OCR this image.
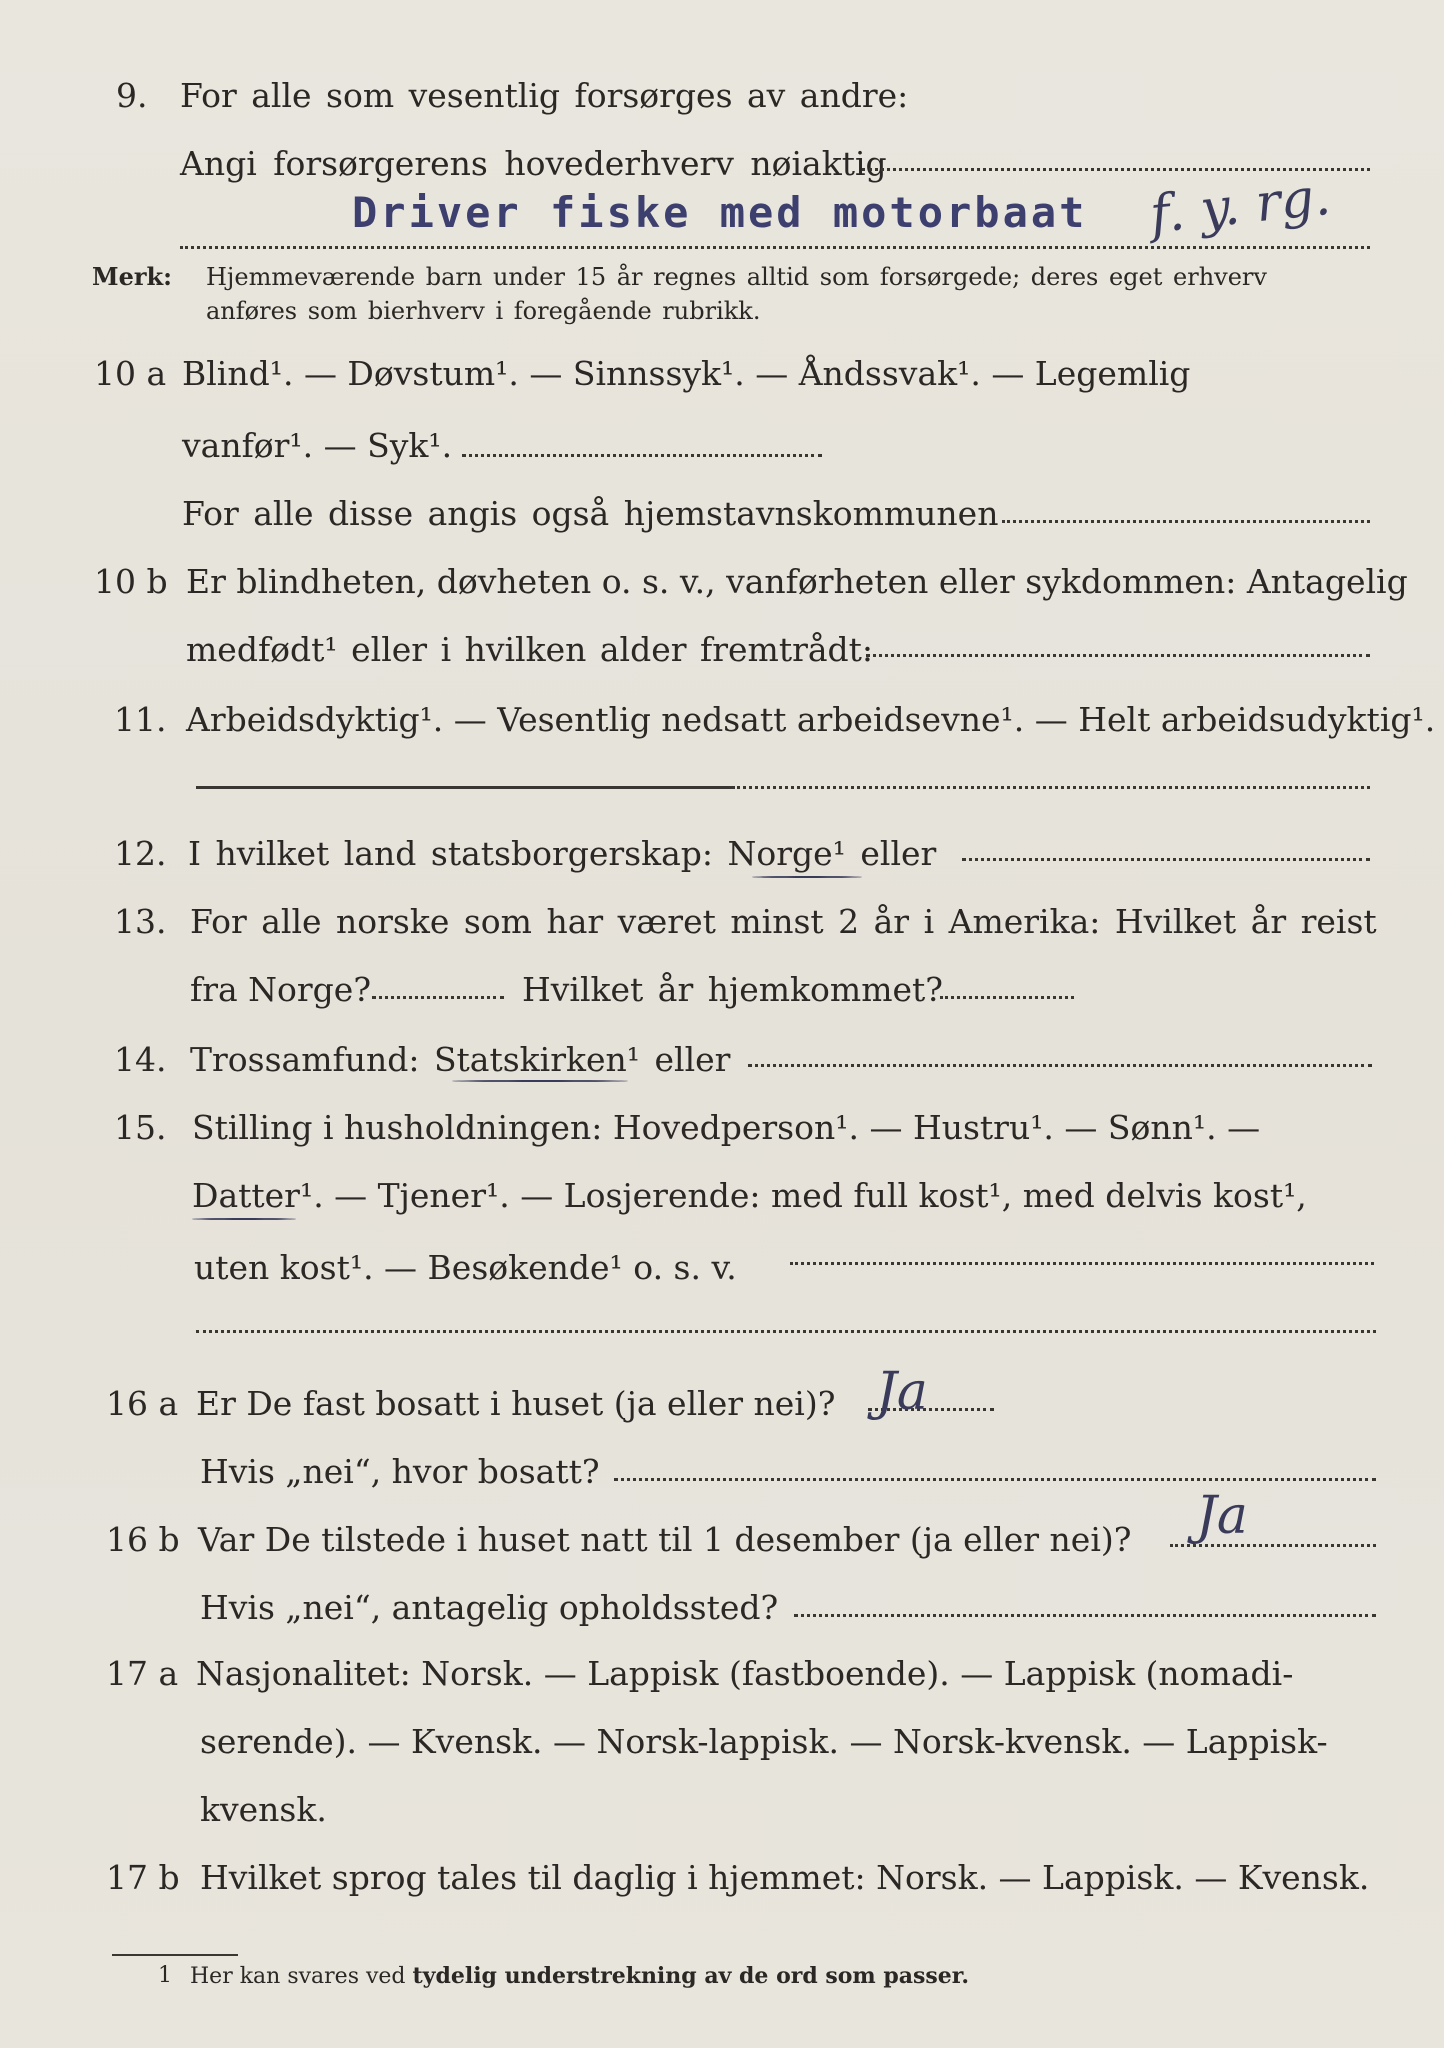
9. For alle som vesentlig forsørges av andre:
Angi forsørgerens hovederhverv nøiaktig
Driver fiske med motorbaat f. y. rg.
Merk: Hjemmeværende barn under 15 år regnes alltid som forsørgede; deres eget erhverv
anføres som bierhverv i foregående rubrikk.
10 a Blind¹. — Døvstum¹. — Sinnssyk¹. — Åndssvak¹. — Legemlig
vanfør¹. — Syk¹.
For alle disse angis også hjemstavnskommunen
10 b Er blindheten, døvheten o. s. v., vanførheten eller sykdommen: Antagelig
medfødt¹ eller i hvilken alder fremtrådt:
11. Arbeidsdyktig¹. — Vesentlig nedsatt arbeidsevne¹. — Helt arbeidsudyktig¹.
12. I hvilket land statsborgerskap: Norge¹ eller
13. For alle norske som har været minst 2 år i Amerika: Hvilket år reist
fra Norge?	Hvilket år hjemkommet?
14. Trossamfund: Statskirken¹ eller
15. Stilling i husholdningen: Hovedperson¹. — Hustru¹. — Sønn¹. —
Datter¹. — Tjener¹. — Losjerende: med full kost¹, med delvis kost¹,
uten kost¹. — Besøkende¹ o. s. v.
16 a Er De fast bosatt i huset (ja eller nei)? Ja
Hvis „nei“, hvor bosatt?
16 b Var De tilstede i huset natt til 1 desember (ja eller nei)? Ja
Hvis „nei“, antagelig opholdssted?
17 a Nasjonalitet: Norsk. — Lappisk (fastboende). — Lappisk (nomadi-
serende). — Kvensk. — Norsk-lappisk. — Norsk-kvensk. — Lappisk-
kvensk.
17 b Hvilket sprog tales til daglig i hjemmet: Norsk. — Lappisk. — Kvensk.
1 Her kan svares ved tydelig understrekning av de ord som passer.
